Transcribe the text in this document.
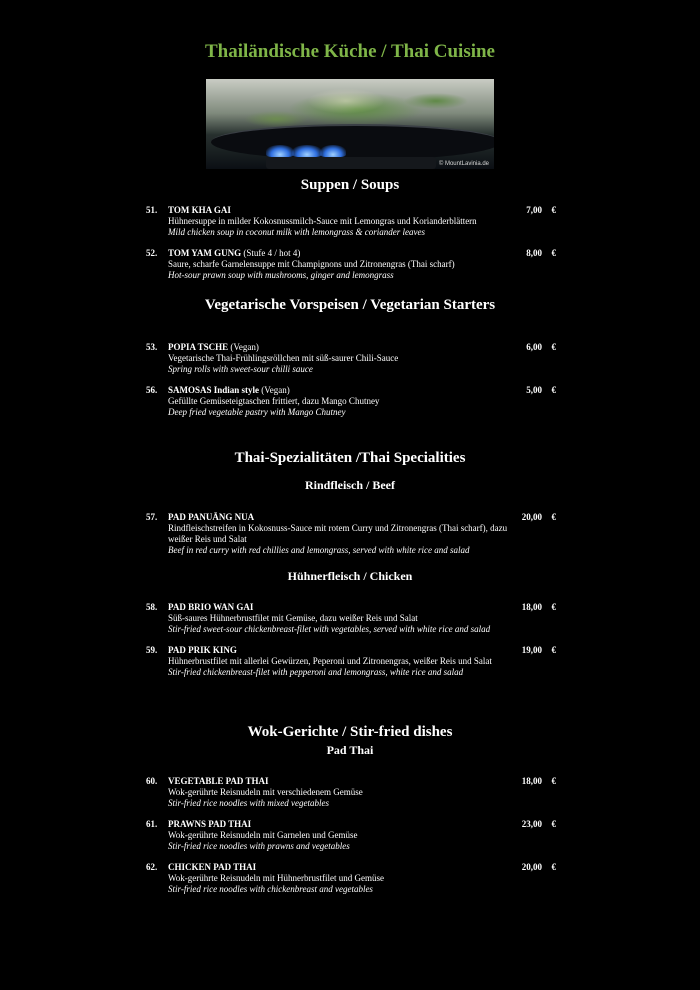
Thailändische Küche / Thai Cuisine
© MountLavinia.de
Suppen / Soups
51. TOM KHA GAI
Hühnersuppe in milder Kokosnussmilch-Sauce mit Lemongras und Korianderblättern
Mild chicken soup in coconut milk with lemongrass & coriander leaves
7,00 €
52. TOM YAM GUNG (Stufe 4 / hot 4)
Saure, scharfe Garnelensuppe mit Champignons und Zitronengras (Thai scharf)
Hot-sour prawn soup with mushrooms, ginger and lemongrass
8,00 €
Vegetarische Vorspeisen / Vegetarian Starters
53. POPIA TSCHE (Vegan)
Vegetarische Thai-Frühlingsröllchen mit süß-saurer Chili-Sauce
Spring rolls with sweet-sour chilli sauce
6,00 €
56. SAMOSAS Indian style (Vegan)
Gefüllte Gemüseteigtaschen frittiert, dazu Mango Chutney
Deep fried vegetable pastry with Mango Chutney
5,00 €
Thai-Spezialitäten /Thai Specialities
Rindfleisch / Beef
57. PAD PANUĀNG NUA
Rindfleischstreifen in Kokosnuss-Sauce mit rotem Curry und Zitronengras (Thai scharf), dazu weißer Reis und Salat
Beef in red curry with red chillies and lemongrass, served with white rice and salad
20,00 €
Hühnerfleisch / Chicken
58. PAD BRIO WAN GAI
Süß-saures Hühnerbrustfilet mit Gemüse, dazu weißer Reis und Salat
Stir-fried sweet-sour chickenbreast-filet with vegetables, served with white rice and salad
18,00 €
59. PAD PRIK KING
Hühnerbrustfilet mit allerlei Gewürzen, Peperoni und Zitronengras, weißer Reis und Salat
Stir-fried chickenbreast-filet with pepperoni and lemongrass, white rice and salad
19,00 €
Wok-Gerichte / Stir-fried dishes
Pad Thai
60. VEGETABLE PAD THAI
Wok-gerührte Reisnudeln mit verschiedenem Gemüse
Stir-fried rice noodles with mixed vegetables
18,00 €
61. PRAWNS PAD THAI
Wok-gerührte Reisnudeln mit Garnelen und Gemüse
Stir-fried rice noodles with prawns and vegetables
23,00 €
62. CHICKEN PAD THAI
Wok-gerührte Reisnudeln mit Hühnerbrustfilet und Gemüse
Stir-fried rice noodles with chickenbreast and vegetables
20,00 €
